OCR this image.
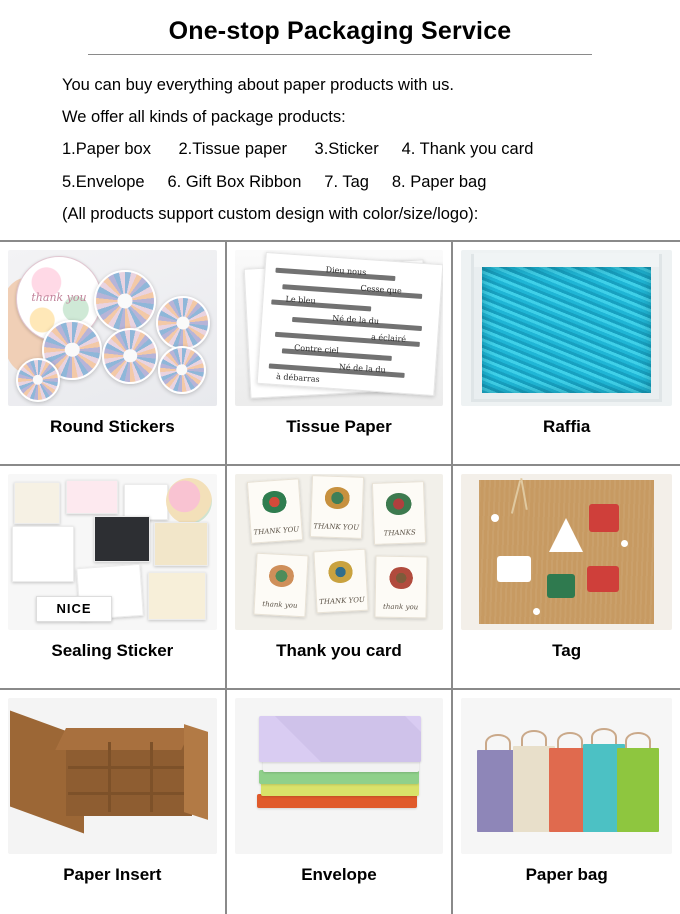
One-stop Packaging Service
You can buy everything about paper products with us.
We offer all kinds of package products:
1.Paper box      2.Tissue paper      3.Sticker     4. Thank you card
5.Envelope     6. Gift Box Ribbon     7. Tag     8. Paper bag
(All products support custom design with color/size/logo):
thank you
Round Stickers
Dieu nous
Cesse que
Le bleu
Né de la du
a éclairé
Contre ciel
Né de la du
à débarras
Tissue Paper	Raffia
NICE
Sealing Sticker
THANK YOU	THANK YOU
THANKS
thank you	THANK YOU
thank you
Thank you card	Tag
Paper Insert	Envelope	Paper bag
